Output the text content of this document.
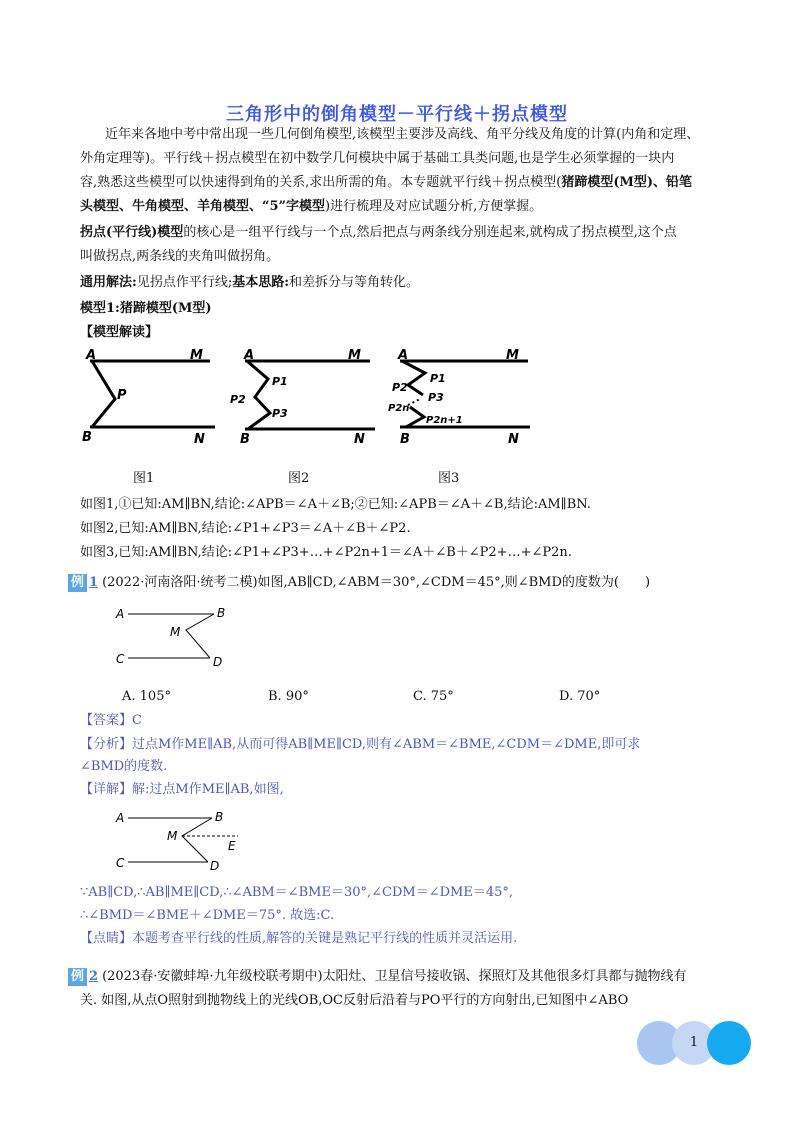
三角形中的倒角模型－平行线＋拐点模型
近年来各地中考中常出现一些几何倒角模型,该模型主要涉及高线、角平分线及角度的计算(内角和定理、
外角定理等)。平行线＋拐点模型在初中数学几何模块中属于基础工具类问题,也是学生必须掌握的一块内
容,熟悉这些模型可以快速得到角的关系,求出所需的角。本专题就平行线＋拐点模型(猪蹄模型(M型)、铅笔
头模型、牛角模型、羊角模型、“5”字模型)进行梳理及对应试题分析,方便掌握。
拐点(平行线)模型的核心是一组平行线与一个点,然后把点与两条线分别连起来,就构成了拐点模型,这个点
叫做拐点,两条线的夹角叫做拐角。
通用解法:见拐点作平行线;基本思路:和差拆分与等角转化。
模型1:猪蹄模型(M型)
【模型解读】
A	M
P
B	N
A	M
P1
P2
P3
B	N
A	M
P1
P2
P3
P2n
P2n+1
B	N
图1	图2	图3
如图1,①已知:AM∥BN,结论:∠APB＝∠A＋∠B;②已知:∠APB＝∠A＋∠B,结论:AM∥BN.
如图2,已知:AM∥BN,结论:∠P1+∠P3＝∠A＋∠B＋∠P2.
如图3,已知:AM∥BN,结论:∠P1+∠P3+…+∠P2n+1＝∠A＋∠B＋∠P2+…+∠P2n.
例 1 (2022·河南洛阳·统考二模)如图,AB∥CD,∠ABM＝30°,∠CDM＝45°,则∠BMD的度数为(　　)
A	B
M
C	D
A. 105°	B. 90°	C. 75°	D. 70°
【答案】C
【分析】过点M作ME∥AB,从而可得AB∥ME∥CD,则有∠ABM＝∠BME,∠CDM＝∠DME,即可求
∠BMD的度数.
【详解】解:过点M作ME∥AB,如图,
A	B
M
E
C	D
∵AB∥CD,∴AB∥ME∥CD,∴∠ABM＝∠BME＝30°,∠CDM＝∠DME＝45°,
∴∠BMD＝∠BME＋∠DME＝75°. 故选:C.
【点睛】本题考查平行线的性质,解答的关键是熟记平行线的性质并灵活运用.
例 2 (2023春·安徽蚌埠·九年级校联考期中)太阳灶、卫星信号接收锅、探照灯及其他很多灯具都与抛物线有
关. 如图,从点O照射到抛物线上的光线OB,OC反射后沿着与PO平行的方向射出,已知图中∠ABO
1
